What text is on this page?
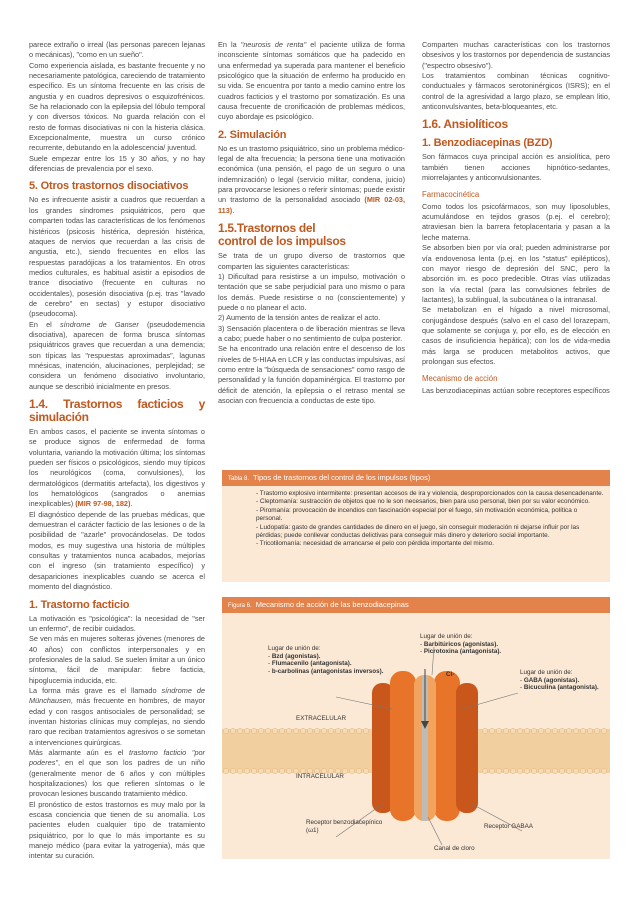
parece extraño o irreal (las personas parecen lejanas o mecánicas), "como en un sueño".

Como experiencia aislada, es bastante frecuente y no necesariamente patológica, careciendo de tratamiento específico. Es un síntoma frecuente en las crisis de angustia y en cuadros depresivos o esquizofrénicos. Se ha relacionado con la epilepsia del lóbulo temporal y con diversos tóxicos. No guarda relación con el resto de formas disociativas ni con la histeria clásica. Excepcionalmente, muestra un curso crónico recurrente, debutando en la adolescencia/ juventud.

Suele empezar entre los 15 y 30 años, y no hay diferencias de prevalencia por el sexo.

5. Otros trastornos disociativos

No es infrecuente asistir a cuadros que recuerdan a los grandes síndromes psiquiátricos, pero que comparten todas las características de los fenómenos histéricos (psicosis histérica, depresión histérica, ataques de nervios que recuerdan a las crisis de angustia, etc.), siendo frecuentes en ellos las respuestas paradójicas a los tratamientos. En otros medios culturales, es habitual asistir a episodios de trance disociativo (frecuente en culturas no occidentales), posesión disociativa (p.ej. tras "lavado de cerebro" en sectas) y estupor disociativo (pseudocoma).

En el síndrome de Ganser (pseudodemencia disociativa), aparecen de forma brusca síntomas psiquiátricos graves que recuerdan a una demencia; son típicas las "respuestas aproximadas", lagunas mnésicas, inatención, alucinaciones, perplejidad; se considera un fenómeno disociativo involuntario, aunque se describió inicialmente en presos.

1.4. Trastornos facticios y simulación

En ambos casos, el paciente se inventa síntomas o se produce signos de enfermedad de forma voluntaria, variando la motivación última; los síntomas pueden ser físicos o psicológicos, siendo muy típicos los neurológicos (coma, convulsiones), los dermatológicos (dermatitis artefacta), los digestivos y los hematológicos (sangrados o anemias inexplicables) (MIR 97-98, 182).

El diagnóstico depende de las pruebas médicas, que demuestran el carácter facticio de las lesiones o de la posibilidad de "azarle" provocándoselas. De todos modos, es muy sugestiva una historia de múltiples consultas y tratamientos nunca acabados, mejorías con el ingreso (sin tratamiento específico) y desapariciones inexplicables cuando se acerca el momento del diagnóstico.

1. Trastorno facticio

La motivación es "psicológica": la necesidad de "ser un enfermo", de recibir cuidados.

Se ven más en mujeres solteras jóvenes (menores de 40 años) con conflictos interpersonales y en profesionales de la salud. Se suelen limitar a un único síntoma, fácil de manipular: fiebre facticia, hipoglucemia inducida, etc.

La forma más grave es el llamado síndrome de Münchausen, más frecuente en hombres, de mayor edad y con rasgos antisociales de personalidad; se inventan historias clínicas muy complejas, no siendo raro que reciban tratamientos agresivos o se sometan a intervenciones quirúrgicas.

Más alarmante aún es el trastorno facticio "por poderes", en el que son los padres de un niño (generalmente menor de 6 años y con múltiples hospitalizaciones) los que refieren síntomas o le provocan lesiones buscando tratamiento médico.

El pronóstico de estos trastornos es muy malo por la escasa conciencia que tienen de su anomalía. Los pacientes eluden cualquier tipo de tratamiento psiquiátrico, por lo que lo más importante es su manejo médico (para evitar la yatrogenia), más que intentar su curación.

En la "neurosis de renta" el paciente utiliza de forma inconsciente síntomas somáticos que ha padecido en una enfermedad ya superada para mantener el beneficio psicológico que la situación de enfermo ha producido en su vida. Se encuentra por tanto a medio camino entre los cuadros facticios y el trastorno por somatización. Es una causa frecuente de cronificación de problemas médicos, cuyo abordaje es psicológico.

2. Simulación

No es un trastorno psiquiátrico, sino un problema médico-legal de alta frecuencia; la persona tiene una motivación económica (una pensión, el pago de un seguro o una indemnización) o legal (servicio militar, condena, juicio) para provocarse lesiones o referir síntomas; puede existir un trastorno de la personalidad asociado (MIR 02-03, 113).

1.5.Trastornos del
control de los impulsos

Se trata de un grupo diverso de trastornos que comparten las siguientes características:

1) Dificultad para resistirse a un impulso, motivación o tentación que se sabe perjudicial para uno mismo o para los demás. Puede resistirse o no (conscientemente) y puede o no planear el acto.

2) Aumento de la tensión antes de realizar el acto.

3) Sensación placentera o de liberación mientras se lleva a cabo; puede haber o no sentimiento de culpa posterior.

Se ha encontrado una relación entre el descenso de los niveles de 5-HIAA en LCR y las conductas impulsivas, así como entre la "búsqueda de sensaciones" como rasgo de personalidad y la función dopaminérgica. El trastorno por déficit de atención, la epilepsia o el retraso mental se asocian con frecuencia a conductas de este tipo.

Comparten muchas características con los trastornos obsesivos y los trastornos por dependencia de sustancias ("espectro obsesivo").

Los tratamientos combinan técnicas cognitivo-conductuales y fármacos serotoninérgicos (ISRS); en el control de la agresividad a largo plazo, se emplean litio, anticonvulsivantes, beta-bloqueantes, etc.

1.6. Ansiolíticos
1. Benzodiacepinas (BZD)

Son fármacos cuya principal acción es ansiolítica, pero también tienen acciones hipnótico-sedantes, miorrelajantes y anticonvulsionantes.

Farmacocinética

Como todos los psicofármacos, son muy liposolubles, acumulándose en tejidos grasos (p.ej. el cerebro); atraviesan bien la barrera fetoplacentaria y pasan a la leche materna.

Se absorben bien por vía oral; pueden administrarse por vía endovenosa lenta (p.ej. en los "status" epilépticos), con mayor riesgo de depresión del SNC, pero la absorción im. es poco predecible. Otras vías utilizadas son la vía rectal (para las convulsiones febriles de lactantes), la sublingual, la subcutánea o la intranasal.

Se metabolizan en el hígado a nivel microsomal, conjugándose después (salvo en el caso del lorazepam, que solamente se conjuga y, por ello, es de elección en casos de insuficiencia hepática); con los de vida-media más larga se producen metabolitos activos, que prolongan sus efectos.

Mecanismo de acción

Las benzodiacepinas actúan sobre receptores específicos

Tabla 8. Tipos de trastornos del control de los impulsos (tipos)
- Trastorno explosivo intermitente: presentan accesos de ira y violencia, desproporcionados con la causa desencadenante.
- Cleptomanía: sustracción de objetos que no le son necesarios, bien para uso personal, bien por su valor económico.
- Piromanía: provocación de incendios con fascinación especial por el fuego, sin motivación económica, política o personal.
- Ludopatía: gasto de grandes cantidades de dinero en el juego, sin conseguir moderación ni dejarse influir por las pérdidas; puede conllevar conductas delictivas para conseguir más dinero y deterioro social importante.
- Tricotilomanía: necesidad de arrancarse el pelo con pérdida importante del mismo.
Figura 6. Mecanismo de acción de las benzodiacepinas
Lugar de unión de:
- Bzd (agonistas).
- Flumacenilo (antagonista).
- b-carbolinas (antagonistas inversos).
Lugar de unión de:
- Barbitúricos (agonistas).
- Picrotoxina (antagonista).
Cl-	Lugar de unión de:
- GABA (agonistas).
- Bicuculina (antagonista).
EXTRACELULAR
INTRACELULAR
Receptor benzodiacepínico (ω1)
Receptor GABAA
Canal de cloro
